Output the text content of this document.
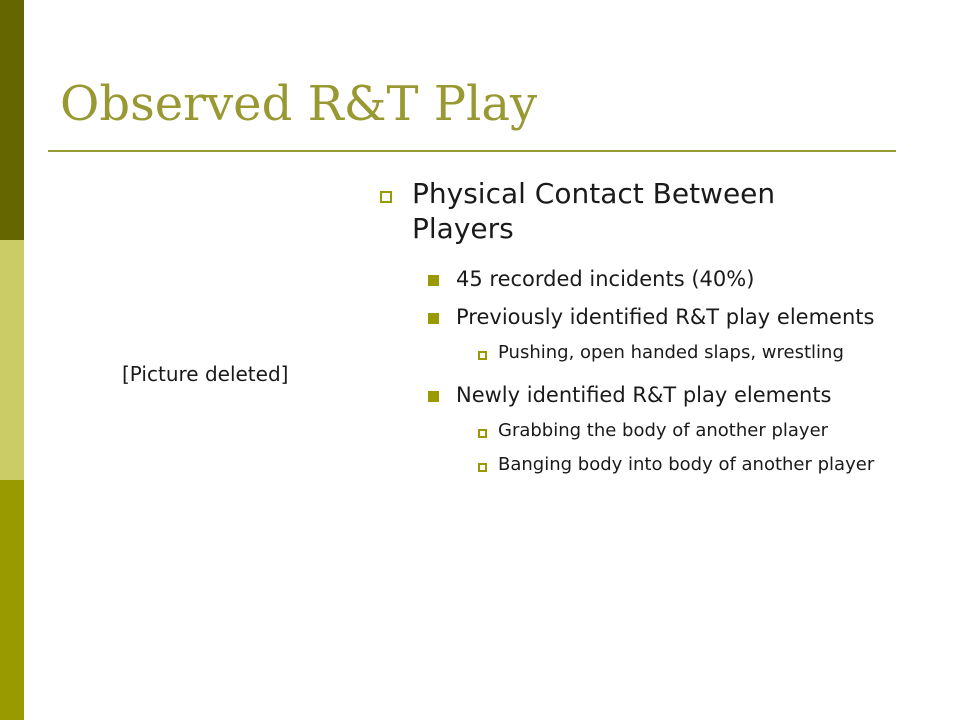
Observed R&T Play
[Picture deleted]
Physical Contact Between Players
45 recorded incidents (40%)
Previously identified R&T play elements
Pushing, open handed slaps, wrestling
Newly identified R&T play elements
Grabbing the body of another player
Banging body into body of another player
